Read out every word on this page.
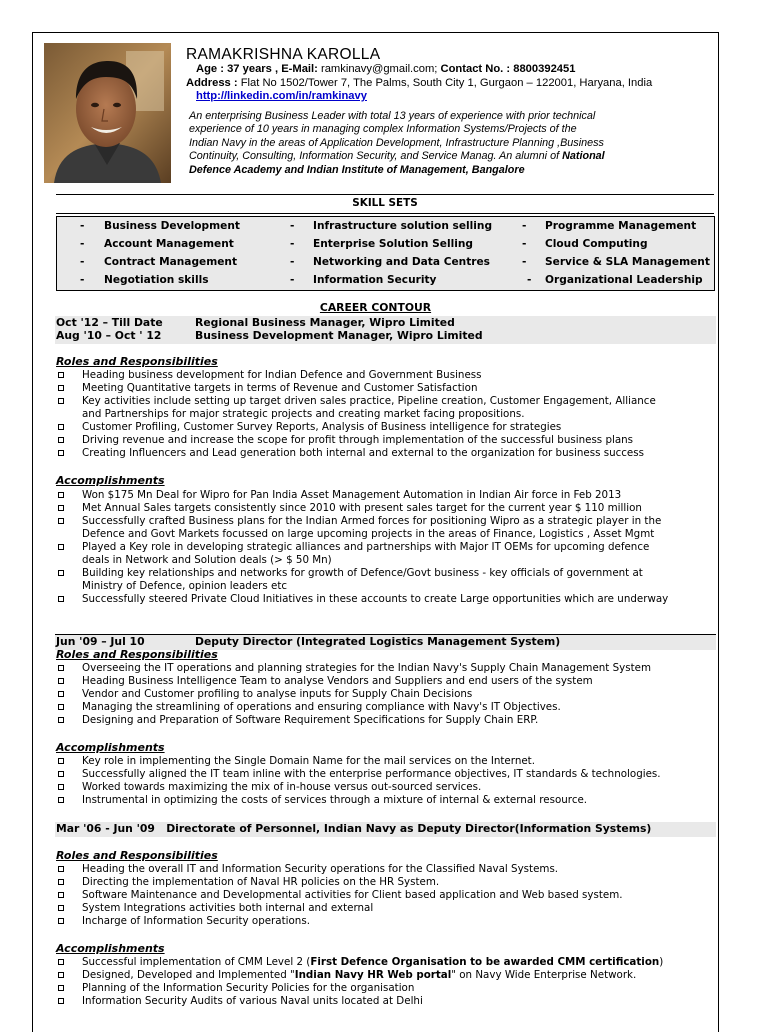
RAMAKRISHNA KAROLLA
Age : 37 years , E-Mail: ramkinavy@gmail.com; Contact No. : 8800392451
Address : Flat No 1502/Tower 7, The Palms, South City 1, Gurgaon – 122001, Haryana, India
http://linkedin.com/in/ramkinavy
An enterprising Business Leader with total 13 years of experience with prior technical
experience of 10 years in managing complex Information Systems/Projects of the
Indian Navy in the areas of Application Development, Infrastructure Planning ,Business
Continuity, Consulting, Information Security, and Service Manag. An alumni of National
Defence Academy and Indian Institute of Management, Bangalore
SKILL SETS
- Business Development	- Infrastructure solution selling	- Programme Management
- Account Management	- Enterprise Solution Selling	- Cloud Computing
- Contract Management	- Networking and Data Centres	- Service & SLA Management
- Negotiation skills	- Information Security	- Organizational Leadership
CAREER CONTOUR
Oct '12 – Till Date	Regional Business Manager, Wipro Limited
Aug '10 – Oct ' 12	Business Development Manager, Wipro Limited
Roles and Responsibilities
Heading business development for Indian Defence and Government Business
Meeting Quantitative targets in terms of Revenue and Customer Satisfaction
Key activities include setting up target driven sales practice, Pipeline creation, Customer Engagement, Alliance
and Partnerships for major strategic projects and creating market facing propositions.
Customer Profiling, Customer Survey Reports, Analysis of Business intelligence for strategies
Driving revenue and increase the scope for profit through implementation of the successful business plans
Creating Influencers and Lead generation both internal and external to the organization for business success
Accomplishments
Won $175 Mn Deal for Wipro for Pan India Asset Management Automation in Indian Air force in Feb 2013
Met Annual Sales targets consistently since 2010 with present sales target for the current year $ 110 million
Successfully crafted Business plans for the Indian Armed forces for positioning Wipro as a strategic player in the
Defence and Govt Markets focussed on large upcoming projects in the areas of Finance, Logistics , Asset Mgmt
Played a Key role in developing strategic alliances and partnerships with Major IT OEMs for upcoming defence
deals in Network and Solution deals (> $ 50 Mn)
Building key relationships and networks for growth of Defence/Govt business - key officials of government at
Ministry of Defence, opinion leaders etc
Successfully steered Private Cloud Initiatives in these accounts to create Large opportunities which are underway
Jun '09 – Jul 10	Deputy Director (Integrated Logistics Management System)
Roles and Responsibilities
Overseeing the IT operations and planning strategies for the Indian Navy's Supply Chain Management System
Heading Business Intelligence Team to analyse Vendors and Suppliers and end users of the system
Vendor and Customer profiling to analyse inputs for Supply Chain Decisions
Managing the streamlining of operations and ensuring compliance with Navy's IT Objectives.
Designing and Preparation of Software Requirement Specifications for Supply Chain ERP.
Accomplishments
Key role in implementing the Single Domain Name for the mail services on the Internet.
Successfully aligned the IT team inline with the enterprise performance objectives, IT standards & technologies.
Worked towards maximizing the mix of in-house versus out-sourced services.
Instrumental in optimizing the costs of services through a mixture of internal & external resource.
Mar '06 - Jun '09   Directorate of Personnel, Indian Navy as Deputy Director(Information Systems)
Roles and Responsibilities
Heading the overall IT and Information Security operations for the Classified Naval Systems.
Directing the implementation of Naval HR policies on the HR System.
Software Maintenance and Developmental activities for Client based application and Web based system.
System Integrations activities both internal and external
Incharge of Information Security operations.
Accomplishments
Successful implementation of CMM Level 2 (First Defence Organisation to be awarded CMM certification)
Designed, Developed and Implemented "Indian Navy HR Web portal" on Navy Wide Enterprise Network.
Planning of the Information Security Policies for the organisation
Information Security Audits of various Naval units located at Delhi
